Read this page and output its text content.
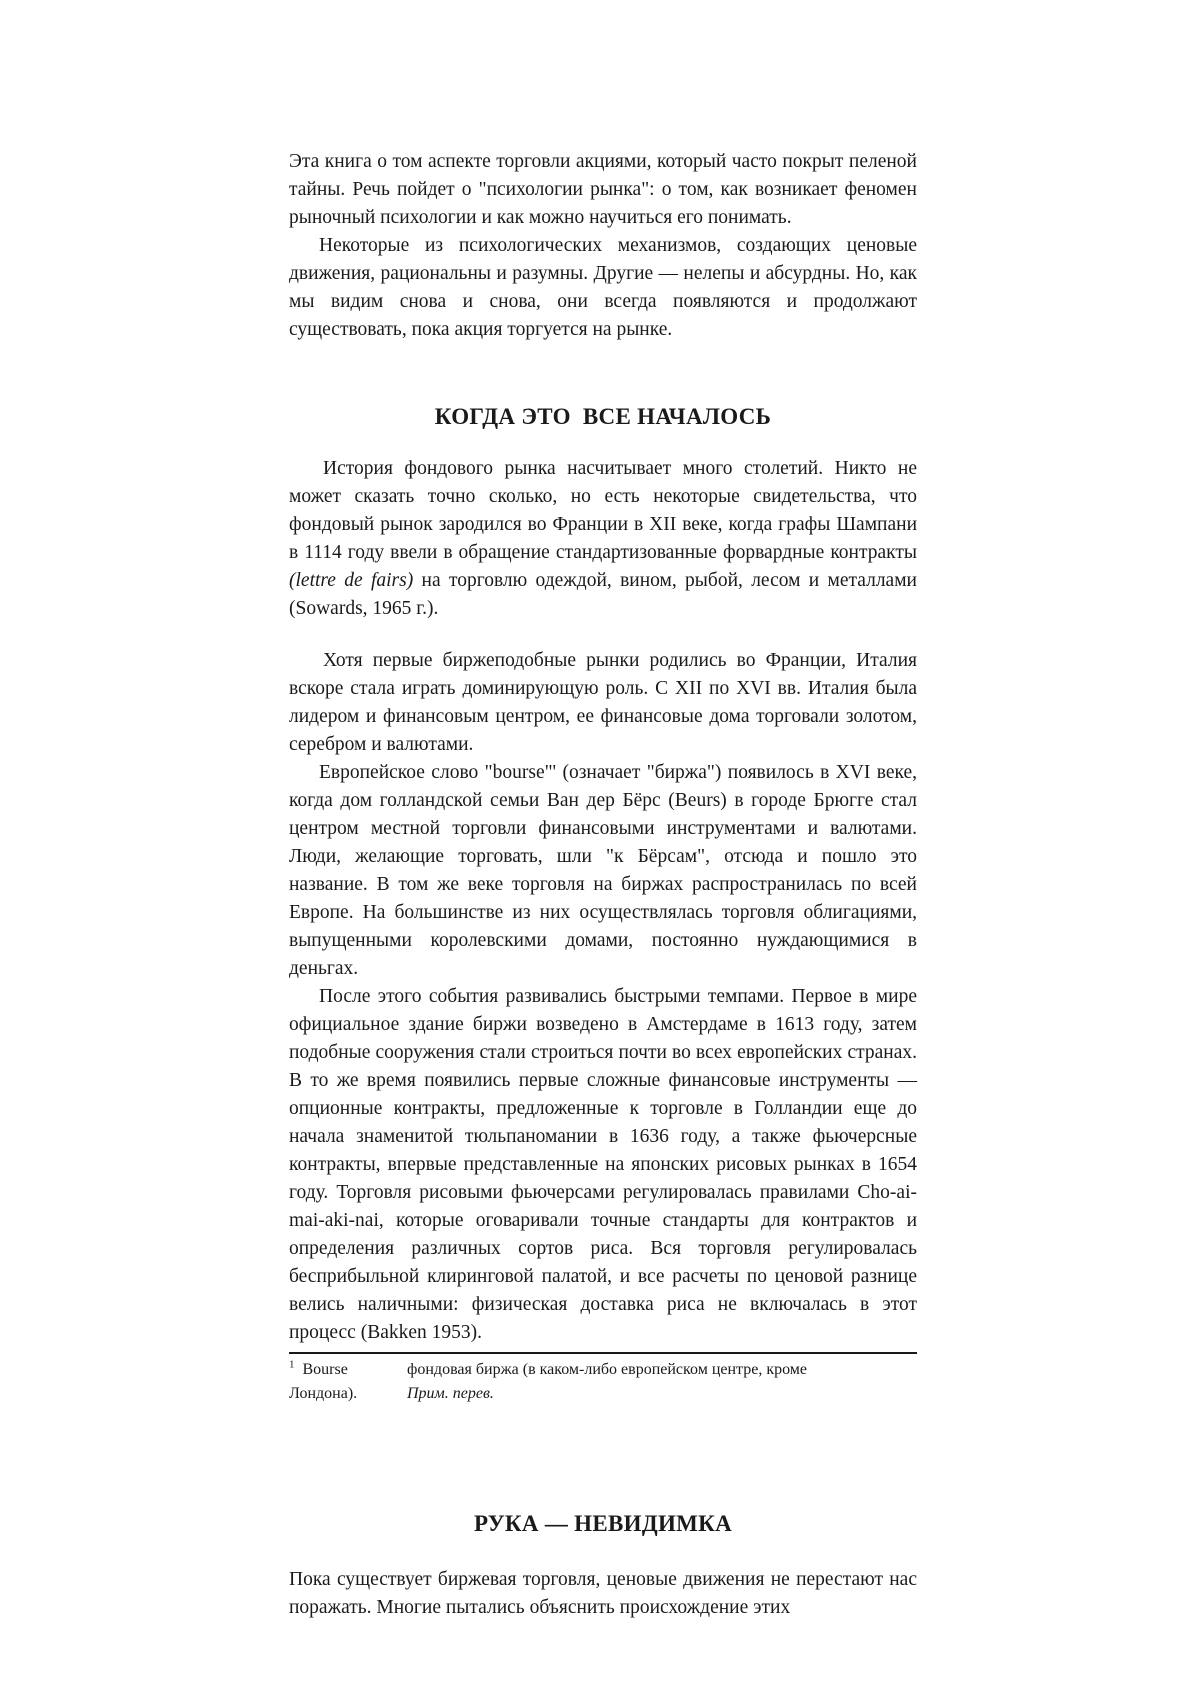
Эта книга о том аспекте торговли акциями, который часто покрыт пеленой тайны. Речь пойдет о "психологии рынка": о том, как возникает феномен рыночный психологии и как можно научиться его понимать.

Некоторые из психологических механизмов, создающих ценовые движения, рациональны и разумны. Другие — нелепы и абсурдны. Но, как мы видим снова и снова, они всегда появляются и продолжают существовать, пока акция торгуется на рынке.

КОГДА ЭТО  ВСЕ НАЧАЛОСЬ

История фондового рынка насчитывает много столетий. Никто не может сказать точно сколько, но есть некоторые свидетельства, что фондовый рынок зародился во Франции в XII веке, когда графы Шампани в 1114 году ввели в обращение стандартизованные форвардные контракты (lettre de fairs) на торговлю одеждой, вином, рыбой, лесом и металлами (Sowards, 1965 г.).

Хотя первые биржеподобные рынки родились во Франции, Италия вскоре стала играть доминирующую роль. С XII по XVI вв. Италия была лидером и финансовым центром, ее финансовые дома торговали золотом, серебром и валютами.

Европейское слово "bourse"' (означает "биржа") появилось в XVI веке, когда дом голландской семьи Ван дер Бёрс (Beurs) в городе Брюгге стал центром местной торговли финансовыми инструментами и валютами. Люди, желающие торговать, шли "к Бёрсам", отсюда и пошло это название. В том же веке торговля на биржах распространилась по всей Европе. На большинстве из них осуществлялась торговля облигациями, выпущенными королевскими домами, постоянно нуждающимися в деньгах.

После этого события развивались быстрыми темпами. Первое в мире официальное здание биржи возведено в Амстердаме в 1613 году, затем подобные сооружения стали строиться почти во всех европейских странах. В то же время появились первые сложные финансовые инструменты — опционные контракты, предложенные к торговле в Голландии еще до начала знаменитой тюльпаномании в 1636 году, а также фьючерсные контракты, впервые представленные на японских рисовых рынках в 1654 году. Торговля рисовыми фьючерсами регулировалась правилами Cho-ai-mai-aki-nai, которые оговаривали точные стандарты для контрактов и определения различных сортов риса. Вся торговля регулировалась бесприбыльной клиринговой палатой, и все расчеты по ценовой разнице велись наличными: физическая доставка риса не включалась в этот процесс (Bakken 1953).

$^1$ Bourse
Лондона).
фондовая биржа (в каком-либо европейском центре, кроме
Прим. перев.
РУКА — НЕВИДИМКА

Пока существует биржевая торговля, ценовые движения не перестают нас поражать. Многие пытались объяснить происхождение этих
